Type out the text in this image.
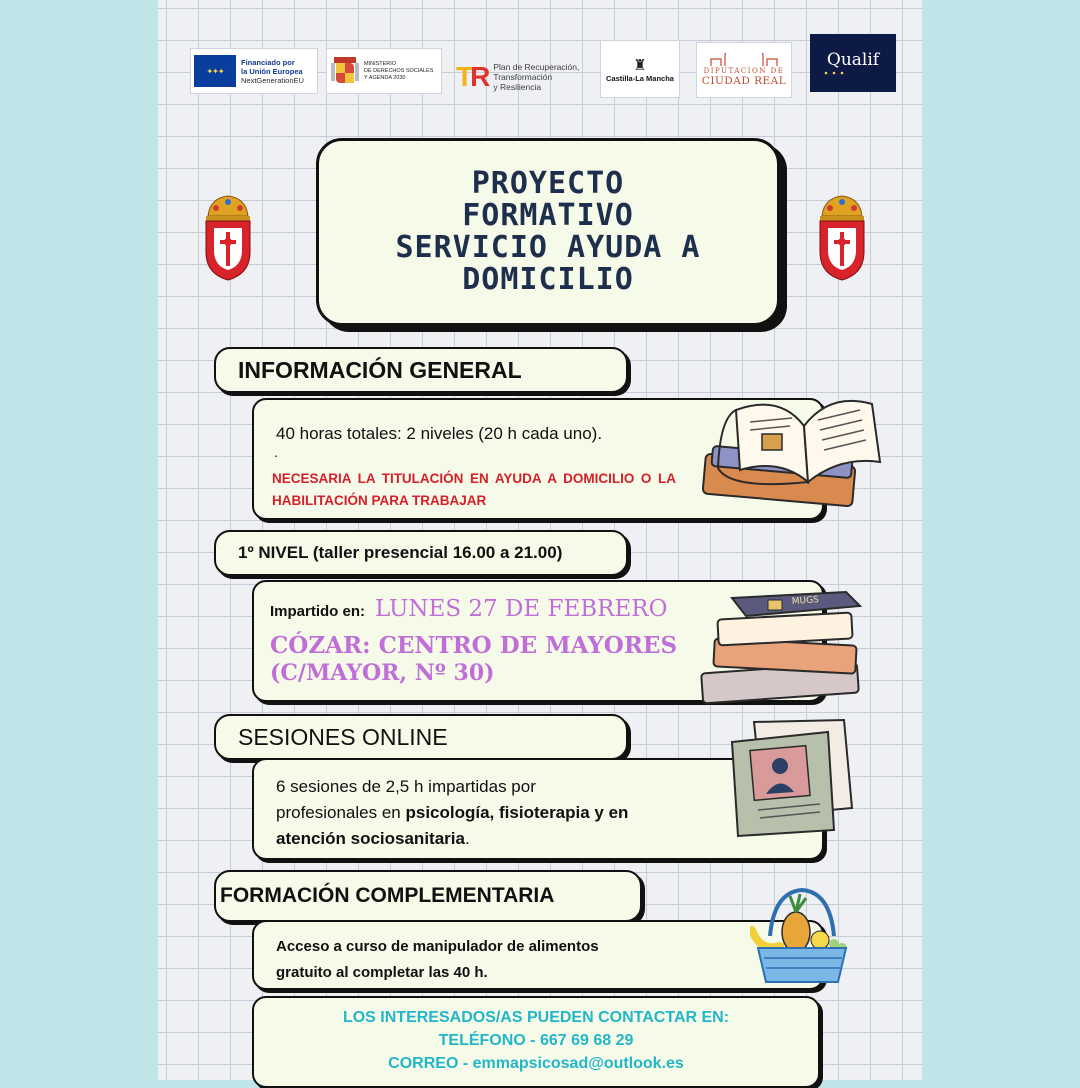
✦✦✦
Financiado por
la Unión Europea
NextGenerationEU
MINISTERIO
DE DERECHOS SOCIALES
Y AGENDA 2030	TR Plan de Recuperación,
Transformación
y Resiliencia
♜
Castilla-La Mancha
DIPUTACION DE
CIUDAD REAL
Qualif
PROYECTO
FORMATIVO
SERVICIO AYUDA A
DOMICILIO
INFORMACIÓN GENERAL
40 horas totales: 2 niveles (20 h cada uno).
.
NECESARIA LA TITULACIÓN EN AYUDA A DOMICILIO O LA HABILITACIÓN PARA TRABAJAR
1º NIVEL (taller presencial 16.00 a 21.00)
Impartido en: LUNES 27 DE FEBRERO
CÓZAR: CENTRO DE MAYORES
(C/MAYOR, Nº 30)
MUGS
SESIONES ONLINE
6 sesiones de 2,5 h impartidas por
profesionales en psicología, fisioterapia y en
atención sociosanitaria.
FORMACIÓN COMPLEMENTARIA
Acceso a curso de manipulador de alimentos
gratuito al completar las 40 h.
LOS INTERESADOS/AS PUEDEN CONTACTAR EN:
TELÉFONO - 667 69 68 29
CORREO - emmapsicosad@outlook.es
